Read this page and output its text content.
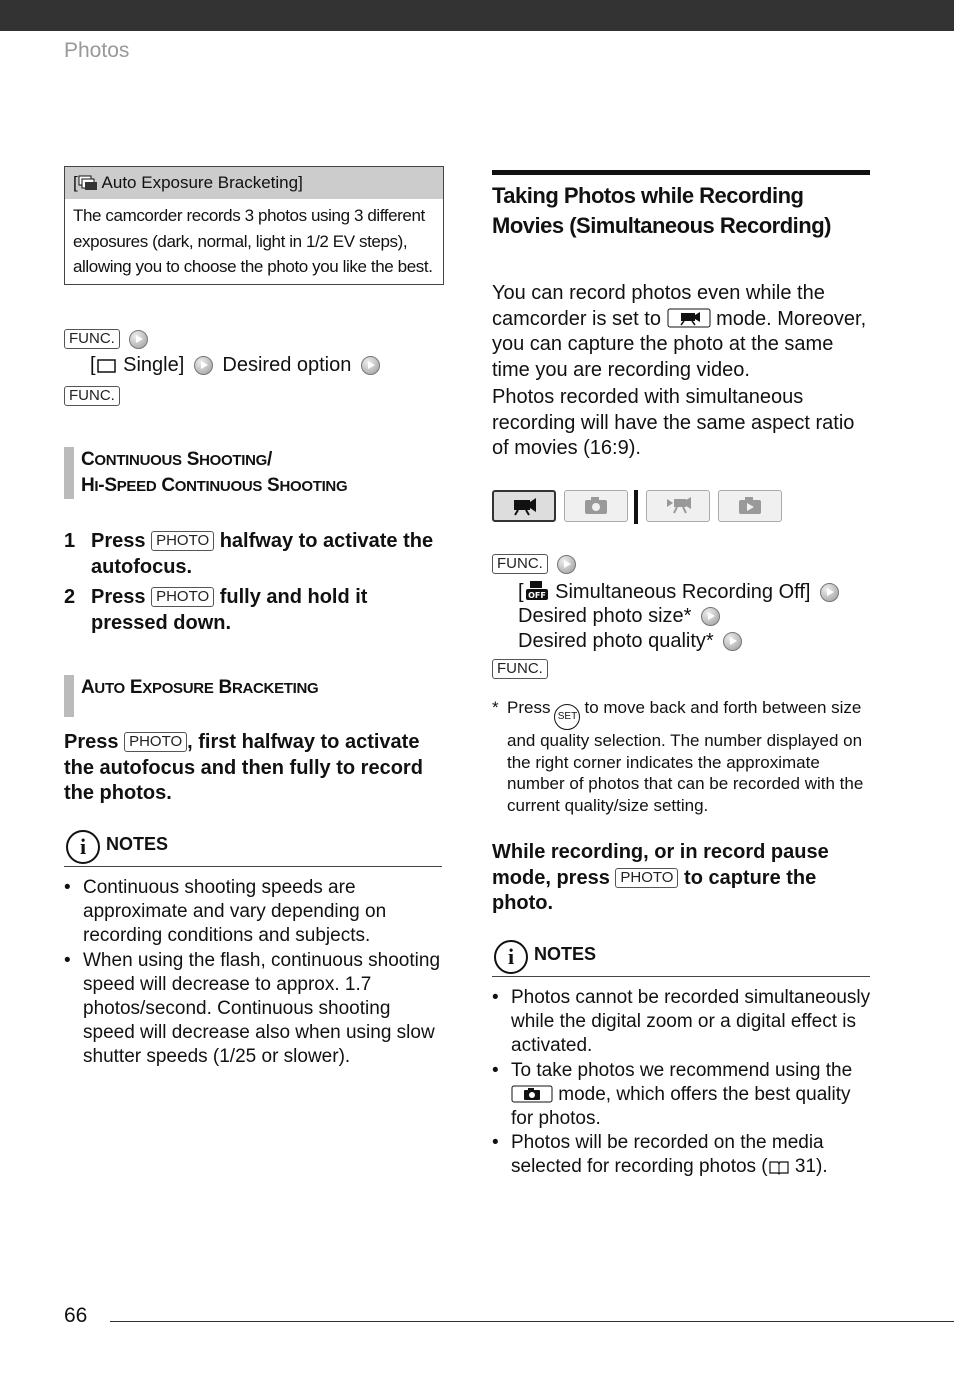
Photos
[ Auto Exposure Bracketing]
The camcorder records 3 photos using 3 different exposures (dark, normal, light in 1/2 EV steps), allowing you to choose the photo you like the best.
FUNC.
[ Single] Desired option
FUNC.
CONTINUOUS SHOOTING/
HI-SPEED CONTINUOUS SHOOTING
1 Press PHOTO halfway to activate the autofocus.
2 Press PHOTO fully and hold it pressed down.
AUTO EXPOSURE BRACKETING
Press PHOTO , first halfway to activate the autofocus and then fully to record the photos.
i	NOTES
• Continuous shooting speeds are approximate and vary depending on recording conditions and subjects.
• When using the flash, continuous shooting speed will decrease to approx. 1.7 photos/second. Continuous shooting speed will decrease also when using slow shutter speeds (1/25 or slower).
Taking Photos while Recording Movies (Simultaneous Recording)
You can record photos even while the camcorder is set to	mode. Moreover, you can capture the photo at the same time you are recording video.
Photos recorded with simultaneous recording will have the same aspect ratio of movies (16:9).
FUNC.
[ OFF Simultaneous Recording Off]
Desired photo size*
Desired photo quality*
FUNC.
* Press SET to move back and forth between size and quality selection. The number displayed on the right corner indicates the approximate number of photos that can be recorded with the current quality/size setting.
While recording, or in record pause mode, press PHOTO to capture the photo.
i	NOTES
• Photos cannot be recorded simultaneously while the digital zoom or a digital effect is activated.
• To take photos we recommend using the  mode, which offers the best quality for photos.
• Photos will be recorded on the media selected for recording photos ( 31).
66
